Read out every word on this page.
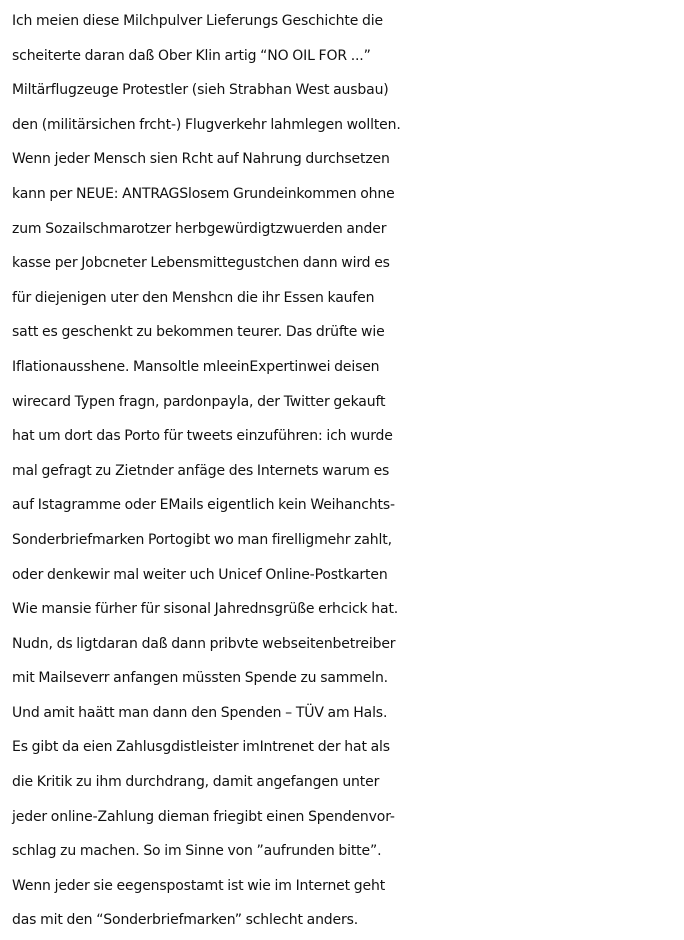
Ich meien diese Milchpulver Lieferungs Geschichte die
scheiterte daran daß Ober Klin artig “NO OIL FOR ...”
Miltärflugzeuge Protestler (sieh Strabhan West ausbau)
den (militärsichen frcht-) Flugverkehr lahmlegen wollten.
Wenn jeder Mensch sien Rcht auf Nahrung durchsetzen
kann per NEUE: ANTRAGSlosem Grundeinkommen ohne
zum Sozailschmarotzer herbgewürdigtzwuerden ander
kasse per Jobcneter Lebensmittegustchen dann wird es
für diejenigen uter den Menshcn die ihr Essen kaufen
satt es geschenkt zu bekommen teurer. Das drüfte wie
Iflationausshene. Mansoltle mleeinExpertinwei deisen
wirecard Typen fragn, pardonpayla, der Twitter gekauft
hat um dort das Porto für tweets einzuführen: ich wurde
mal gefragt zu Zietnder anfäge des Internets warum es
auf Istagramme oder EMails eigentlich kein Weihanchts-
Sonderbriefmarken Portogibt wo man firelligmehr zahlt,
oder denkewir mal weiter uch Unicef Online-Postkarten
Wie mansie fürher für sisonal Jahrednsgrüße erhcick hat.
Nudn, ds ligtdaran daß dann pribvte webseitenbetreiber
mit Mailseverr anfangen müssten Spende zu sammeln.
Und amit haätt man dann den Spenden – TÜV am Hals.
Es gibt da eien Zahlusgdistleister imIntrenet der hat als
die Kritik zu ihm durchdrang, damit angefangen unter
jeder online-Zahlung dieman friegibt einen Spendenvor-
schlag zu machen. So im Sinne von ”aufrunden bitte”.
Wenn jeder sie eegenspostamt ist wie im Internet geht
das mit den “Sonderbriefmarken” schlecht anders.
